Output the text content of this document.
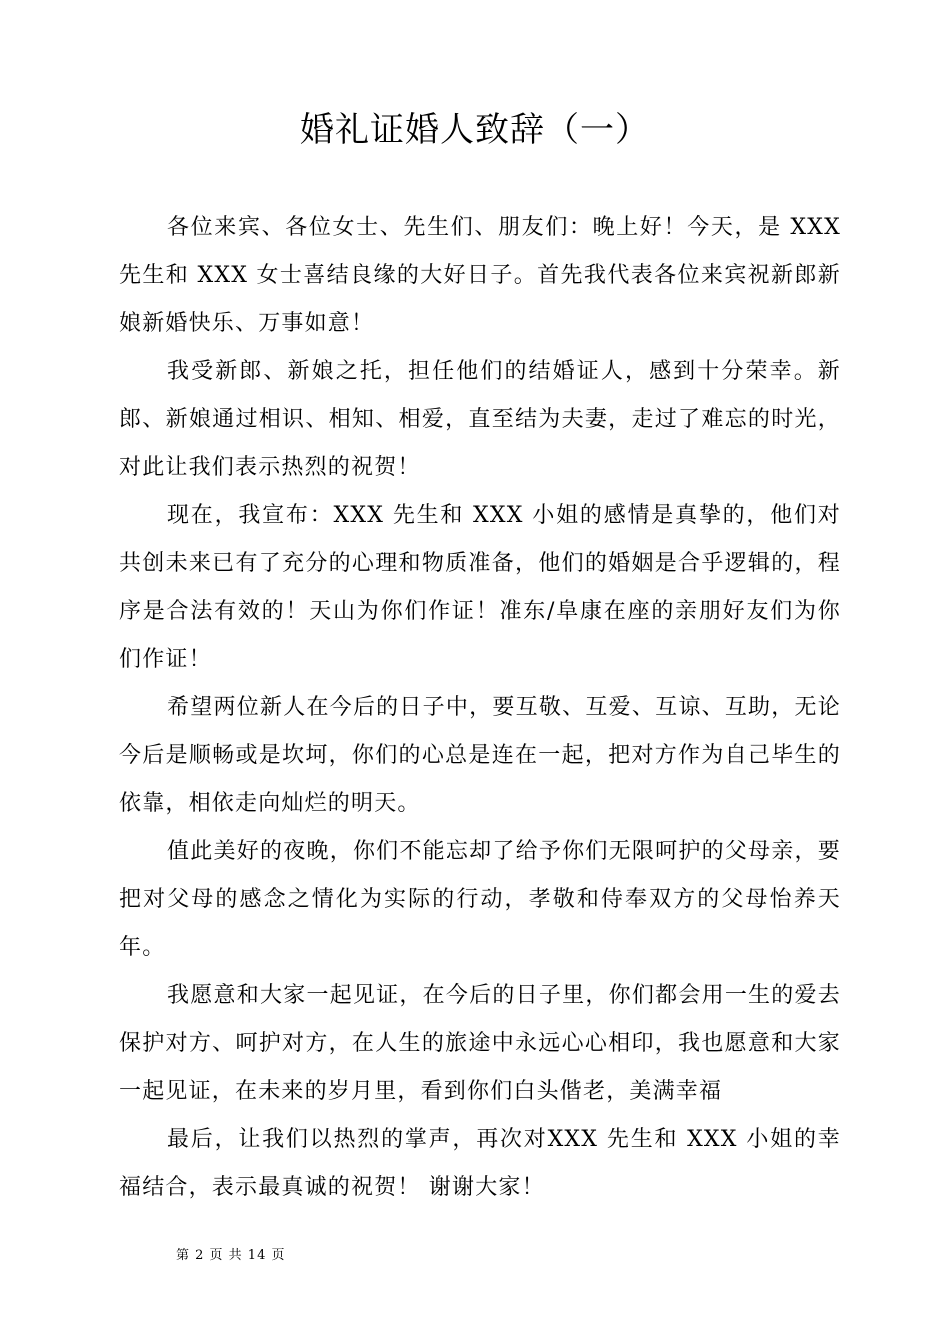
婚礼证婚人致辞（一）

各位来宾、各位女士、先生们、朋友们：晚上好！今天，是 XXX 先生和 XXX 女士喜结良缘的大好日子。首先我代表各位来宾祝新郎新娘新婚快乐、万事如意！

我受新郎、新娘之托，担任他们的结婚证人，感到十分荣幸。新郎、新娘通过相识、相知、相爱，直至结为夫妻，走过了难忘的时光，对此让我们表示热烈的祝贺！

现在，我宣布：XXX 先生和 XXX 小姐的感情是真挚的，他们对共创未来已有了充分的心理和物质准备，他们的婚姻是合乎逻辑的，程序是合法有效的！天山为你们作证！准东/阜康在座的亲朋好友们为你们作证！

希望两位新人在今后的日子中，要互敬、互爱、互谅、互助，无论今后是顺畅或是坎坷，你们的心总是连在一起，把对方作为自己毕生的依靠，相依走向灿烂的明天。

值此美好的夜晚，你们不能忘却了给予你们无限呵护的父母亲，要把对父母的感念之情化为实际的行动，孝敬和侍奉双方的父母怡养天年。

我愿意和大家一起见证，在今后的日子里，你们都会用一生的爱去保护对方、呵护对方，在人生的旅途中永远心心相印，我也愿意和大家一起见证，在未来的岁月里，看到你们白头偕老，美满幸福

最后，让我们以热烈的掌声，再次对XXX 先生和 XXX 小姐的幸福结合，表示最真诚的祝贺！ 谢谢大家！

第 2 页 共 14 页
